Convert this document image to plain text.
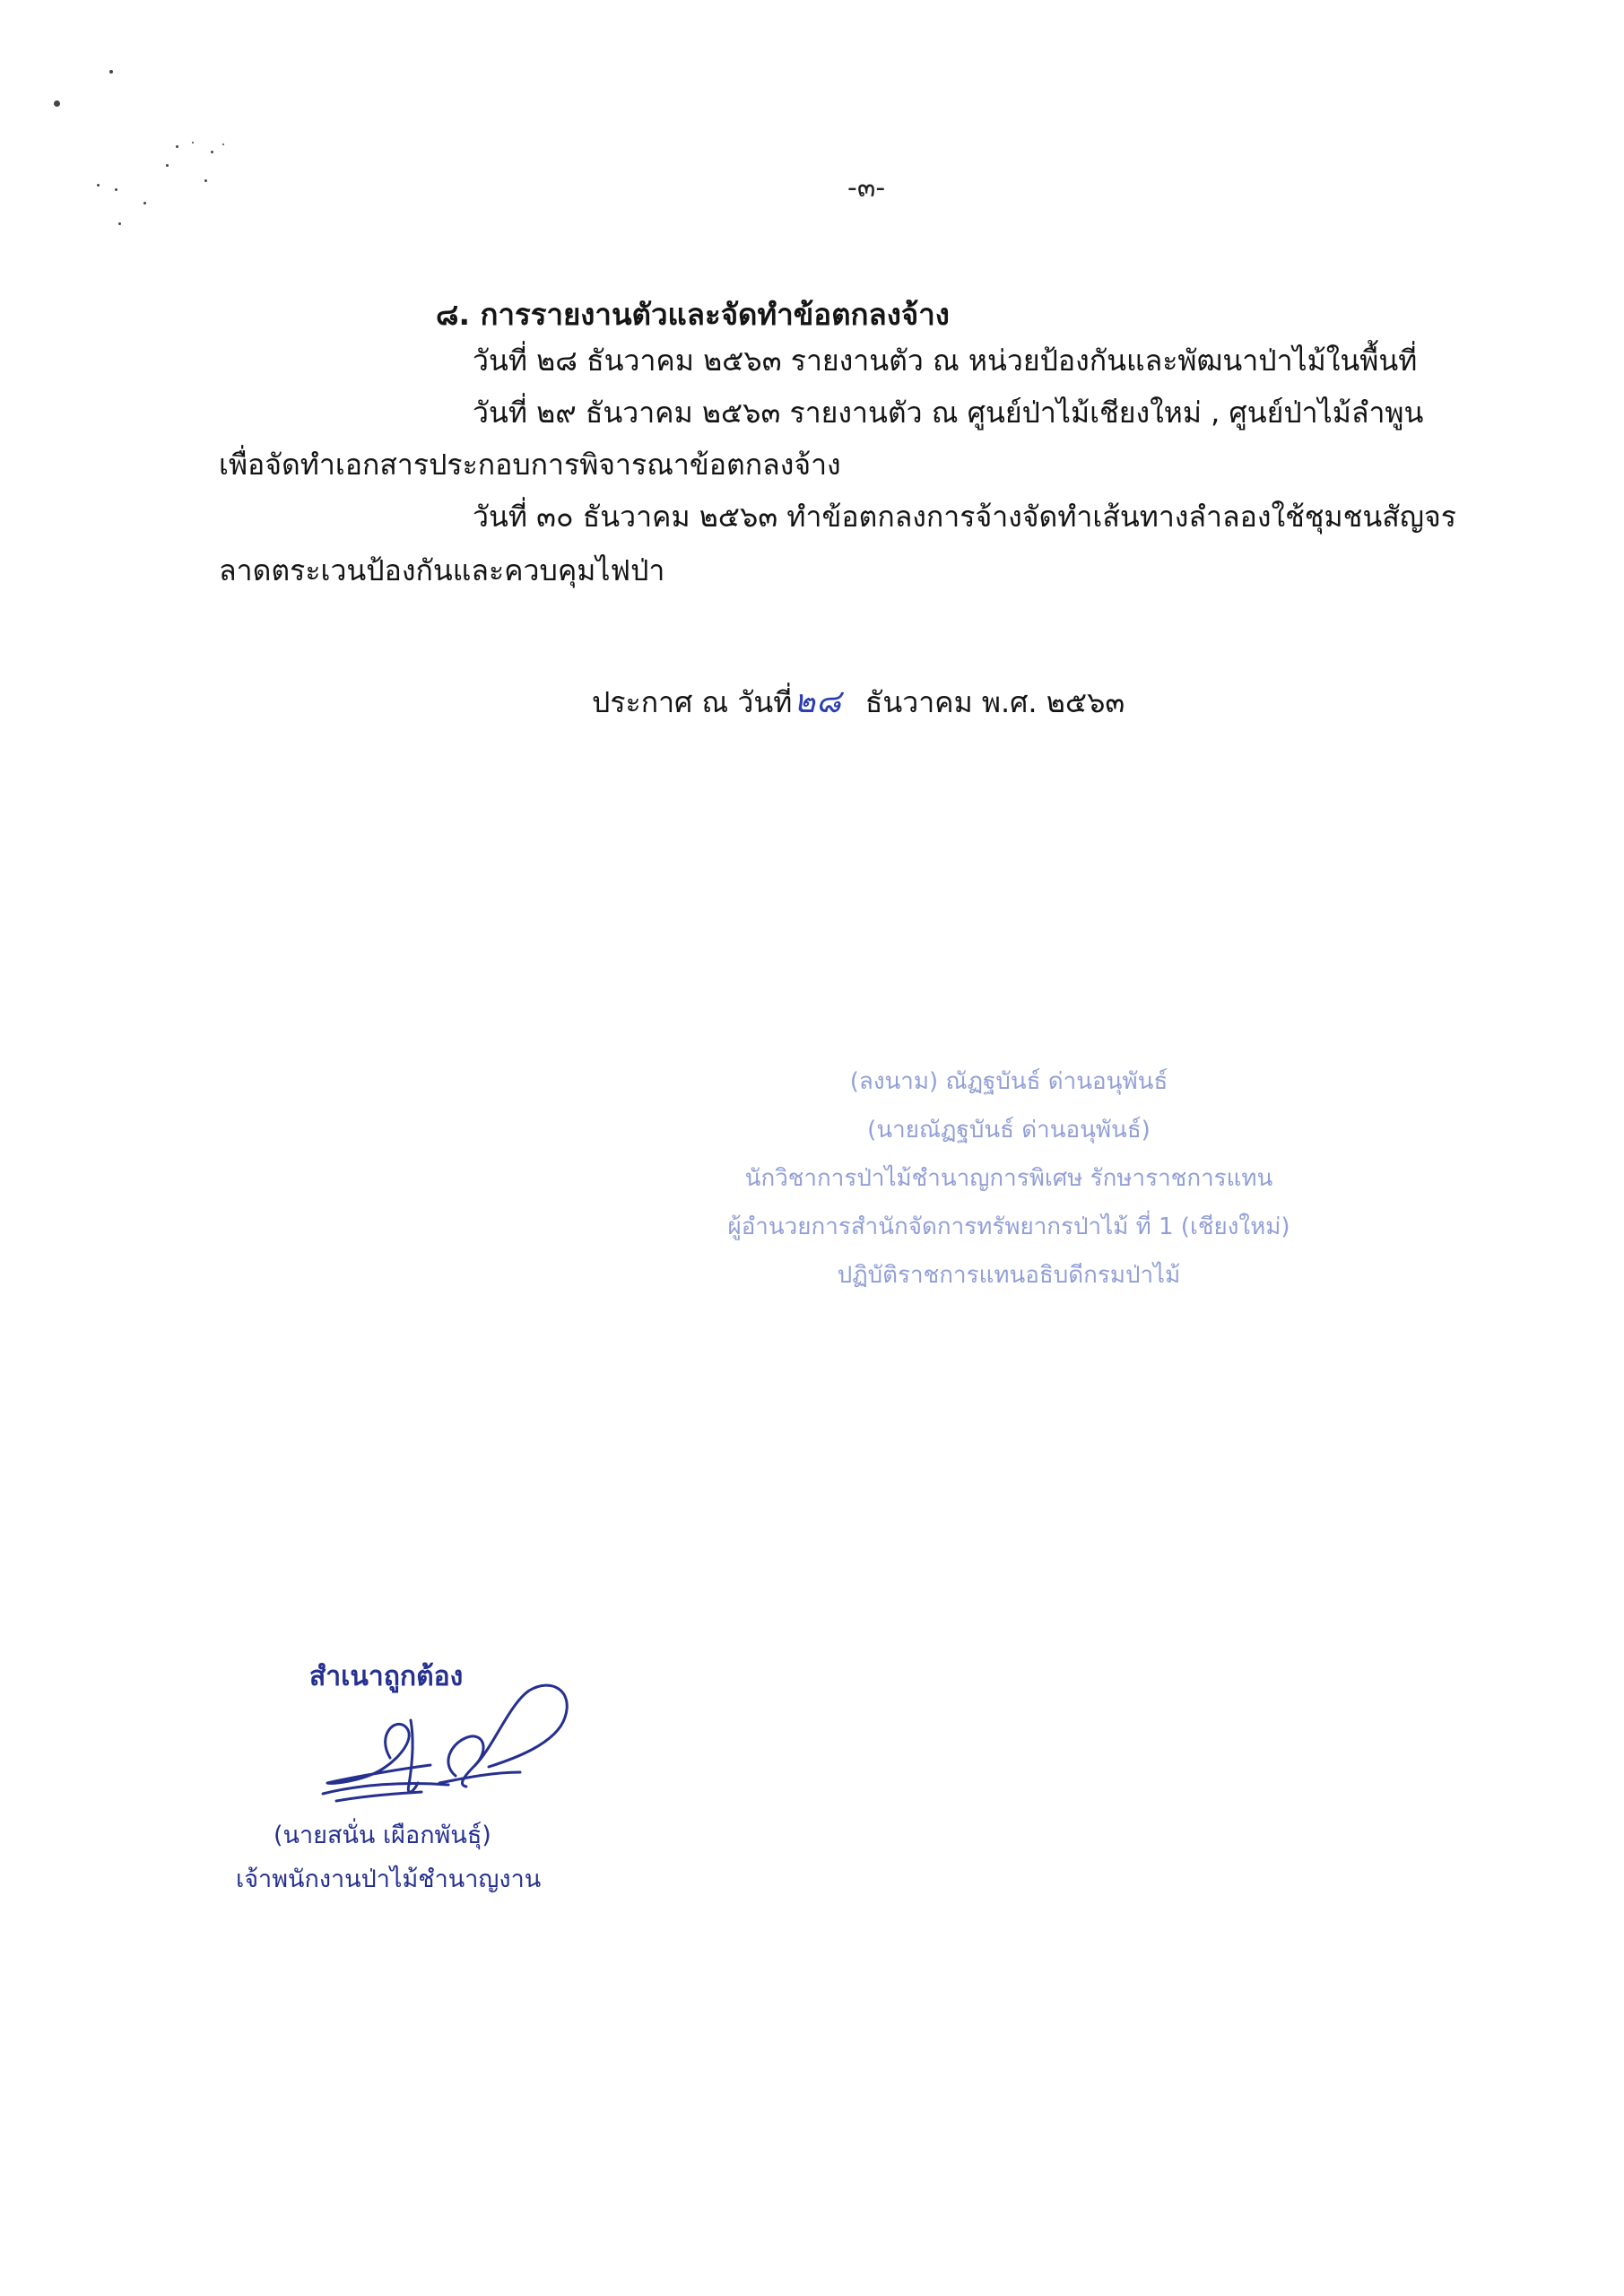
-๓-
๘. การรายงานตัวและจัดทำข้อตกลงจ้าง
วันที่ ๒๘ ธันวาคม ๒๕๖๓ รายงานตัว ณ หน่วยป้องกันและพัฒนาป่าไม้ในพื้นที่
วันที่ ๒๙ ธันวาคม ๒๕๖๓ รายงานตัว ณ ศูนย์ป่าไม้เชียงใหม่ , ศูนย์ป่าไม้ลำพูน
เพื่อจัดทำเอกสารประกอบการพิจารณาข้อตกลงจ้าง
วันที่ ๓๐ ธันวาคม ๒๕๖๓ ทำข้อตกลงการจ้างจัดทำเส้นทางลำลองใช้ชุมชนสัญจร
ลาดตระเวนป้องกันและควบคุมไฟป่า
ประกาศ ณ วันที่๒๘ ธันวาคม พ.ศ. ๒๕๖๓
(ลงนาม) ณัฏฐบันธ์ ด่านอนุพันธ์
(นายณัฏฐบันธ์ ด่านอนุพันธ์)
นักวิชาการป่าไม้ชำนาญการพิเศษ รักษาราชการแทน
ผู้อำนวยการสำนักจัดการทรัพยากรป่าไม้ ที่ 1 (เชียงใหม่)
ปฏิบัติราชการแทนอธิบดีกรมป่าไม้
สำเนาถูกต้อง
(นายสนั่น เผือกพันธุ์)
เจ้าพนักงานป่าไม้ชำนาญงาน
